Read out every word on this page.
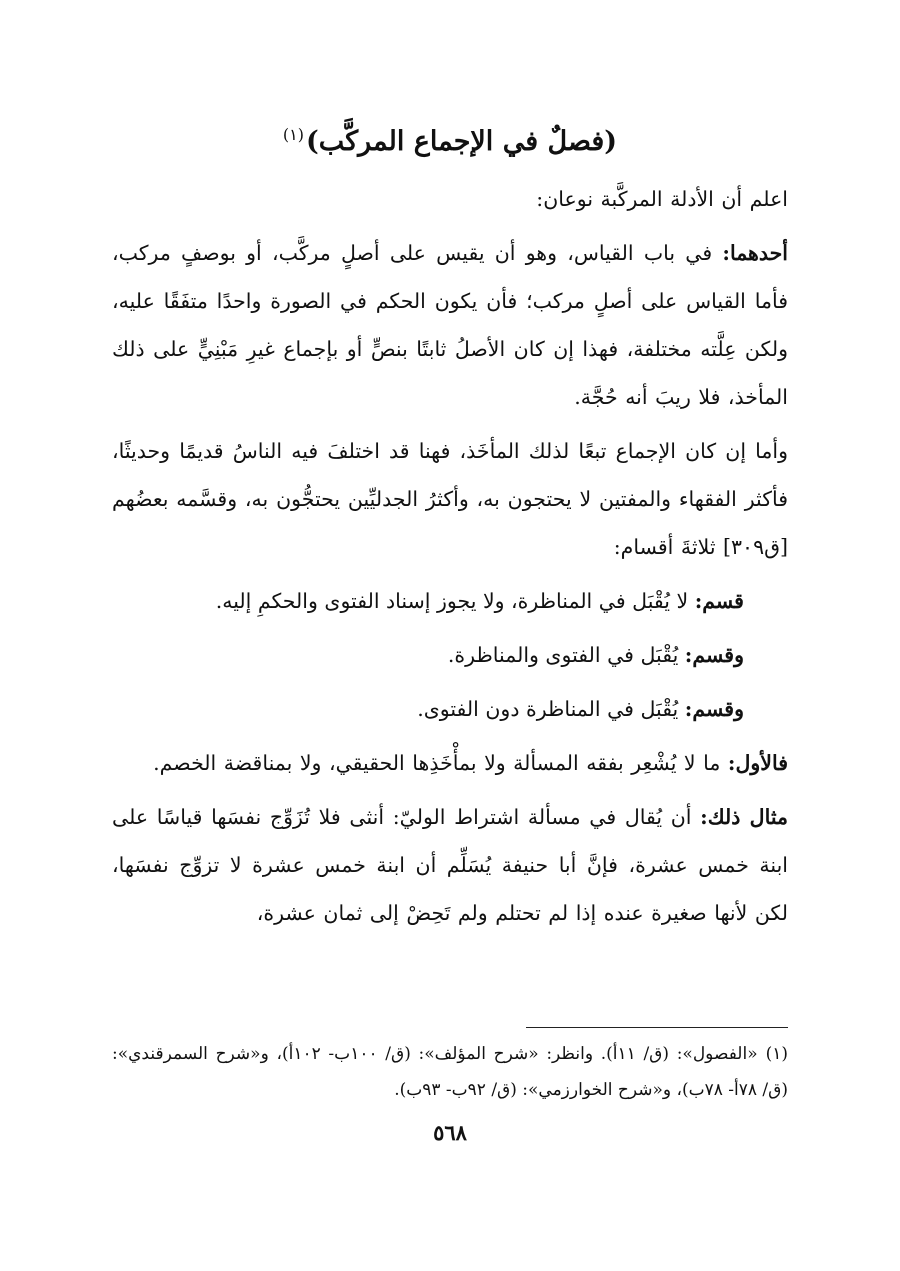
(فصلٌ في الإجماع المركَّب)$^{(١)}$

اعلم أن الأدلة المركَّبة نوعان:

أحدهما: في باب القياس، وهو أن يقيس على أصلٍ مركَّب، أو بوصفٍ مركب، فأما القياس على أصلٍ مركب؛ فأن يكون الحكم في الصورة واحدًا متفَقًا عليه، ولكن عِلَّته مختلفة، فهذا إن كان الأصلُ ثابتًا بنصٍّ أو بإجماع غيرِ مَبْنِيٍّ على ذلك المأخذ، فلا ريبَ أنه حُجَّة.

وأما إن كان الإجماع تبعًا لذلك المأخَذ، فهنا قد اختلفَ فيه الناسُ قديمًا وحديثًا، فأكثر الفقهاء والمفتين لا يحتجون به، وأكثرُ الجدليِّين يحتجُّون به، وقسَّمه بعضُهم [ق٣٠٩] ثلاثةَ أقسام:

قسم: لا يُقْبَل في المناظرة، ولا يجوز إسناد الفتوى والحكمِ إليه.

وقسم: يُقْبَل في الفتوى والمناظرة.

وقسم: يُقْبَل في المناظرة دون الفتوى.

فالأول: ما لا يُشْعِر بفقه المسألة ولا بمأْخَذِها الحقيقي، ولا بمناقضة الخصم.

مثال ذلك: أن يُقال في مسألة اشتراط الوليّ: أنثى فلا تُزَوِّج نفسَها قياسًا على ابنة خمس عشرة، فإنَّ أبا حنيفة يُسَلِّم أن ابنة خمس عشرة لا تزوِّج نفسَها، لكن لأنها صغيرة عنده إذا لم تحتلم ولم تَحِضْ إلى ثمان عشرة،

(١)«الفصول»: (ق/ ١١أ). وانظر: «شرح المؤلف»: (ق/ ١٠٠ب- ١٠٢أ)، و«شرح السمرقندي»: (ق/ ٧٨أ- ٧٨ب)، و«شرح الخوارزمي»: (ق/ ٩٢ب- ٩٣ب).
٥٦٨
